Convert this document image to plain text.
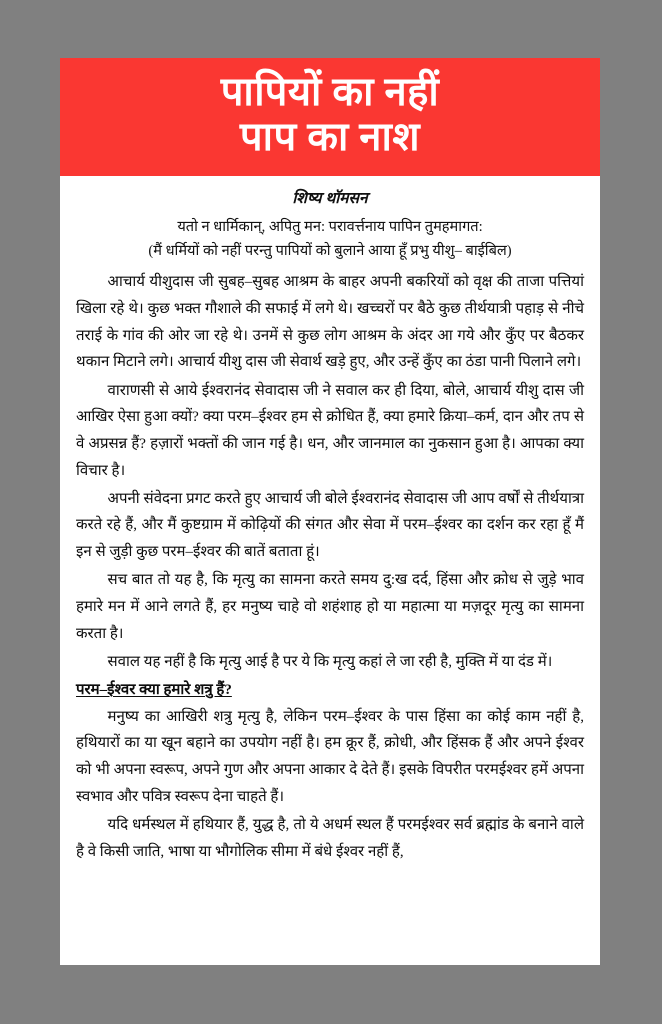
पापियों का नहीं
पाप का नाश
शिष्य थॉमसन
यतो न धार्मिकान्, अपितु मन: परावर्त्तनाय पापिन तुमहमागत:
(मैं धर्मियों को नहीं परन्तु पापियों को बुलाने आया हूँ प्रभु यीशु– बाईबिल)

आचार्य यीशुदास जी सुबह–सुबह आश्रम के बाहर अपनी बकरियों को वृक्ष की ताजा पत्तियां खिला रहे थे। कुछ भक्त गौशाले की सफाई में लगे थे। खच्चरों पर बैठे कुछ तीर्थयात्री पहाड़ से नीचे तराई के गांव की ओर जा रहे थे। उनमें से कुछ लोग आश्रम के अंदर आ गये और कुँए पर बैठकर थकान मिटाने लगे। आचार्य यीशु दास जी सेवार्थ खड़े हुए, और उन्हें कुँए का ठंडा पानी पिलाने लगे।

वाराणसी से आये ईश्वरानंद सेवादास जी ने सवाल कर ही दिया, बोले, आचार्य यीशु दास जी आखिर ऐसा हुआ क्यों? क्या परम–ईश्वर हम से क्रोधित हैं, क्या हमारे क्रिया–कर्म, दान और तप से वे अप्रसन्न हैं? हज़ारों भक्तों की जान गई है। धन, और जानमाल का नुकसान हुआ है। आपका क्या विचार है।

अपनी संवेदना प्रगट करते हुए आचार्य जी बोले ईश्वरानंद सेवादास जी आप वर्षों से तीर्थयात्रा करते रहे हैं, और मैं कुष्टग्राम में कोढ़ियों की संगत और सेवा में परम–ईश्वर का दर्शन कर रहा हूँ मैं इन से जुड़ी कुछ परम–ईश्वर की बातें बताता हूं।

सच बात तो यह है, कि मृत्यु का सामना करते समय दु:ख दर्द, हिंसा और क्रोध से जुड़े भाव हमारे मन में आने लगते हैं, हर मनुष्य चाहे वो शहंशाह हो या महात्मा या मज़दूर मृत्यु का सामना करता है।

सवाल यह नहीं है कि मृत्यु आई है पर ये कि मृत्यु कहां ले जा रही है, मुक्ति में या दंड में।

परम–ईश्वर क्या हमारे शत्रु हैं?

मनुष्य का आखिरी शत्रु मृत्यु है, लेकिन परम–ईश्वर के पास हिंसा का कोई काम नहीं है, हथियारों का या खून बहाने का उपयोग नहीं है। हम क्रूर हैं, क्रोधी, और हिंसक हैं और अपने ईश्वर को भी अपना स्वरूप, अपने गुण और अपना आकार दे देते हैं। इसके विपरीत परमईश्वर हमें अपना स्वभाव और पवित्र स्वरूप देना चाहते हैं।

यदि धर्मस्थल में हथियार हैं, युद्ध है, तो ये अधर्म स्थल हैं परमईश्वर सर्व ब्रह्मांड के बनाने वाले है वे किसी जाति, भाषा या भौगोलिक सीमा में बंधे ईश्वर नहीं हैं,
